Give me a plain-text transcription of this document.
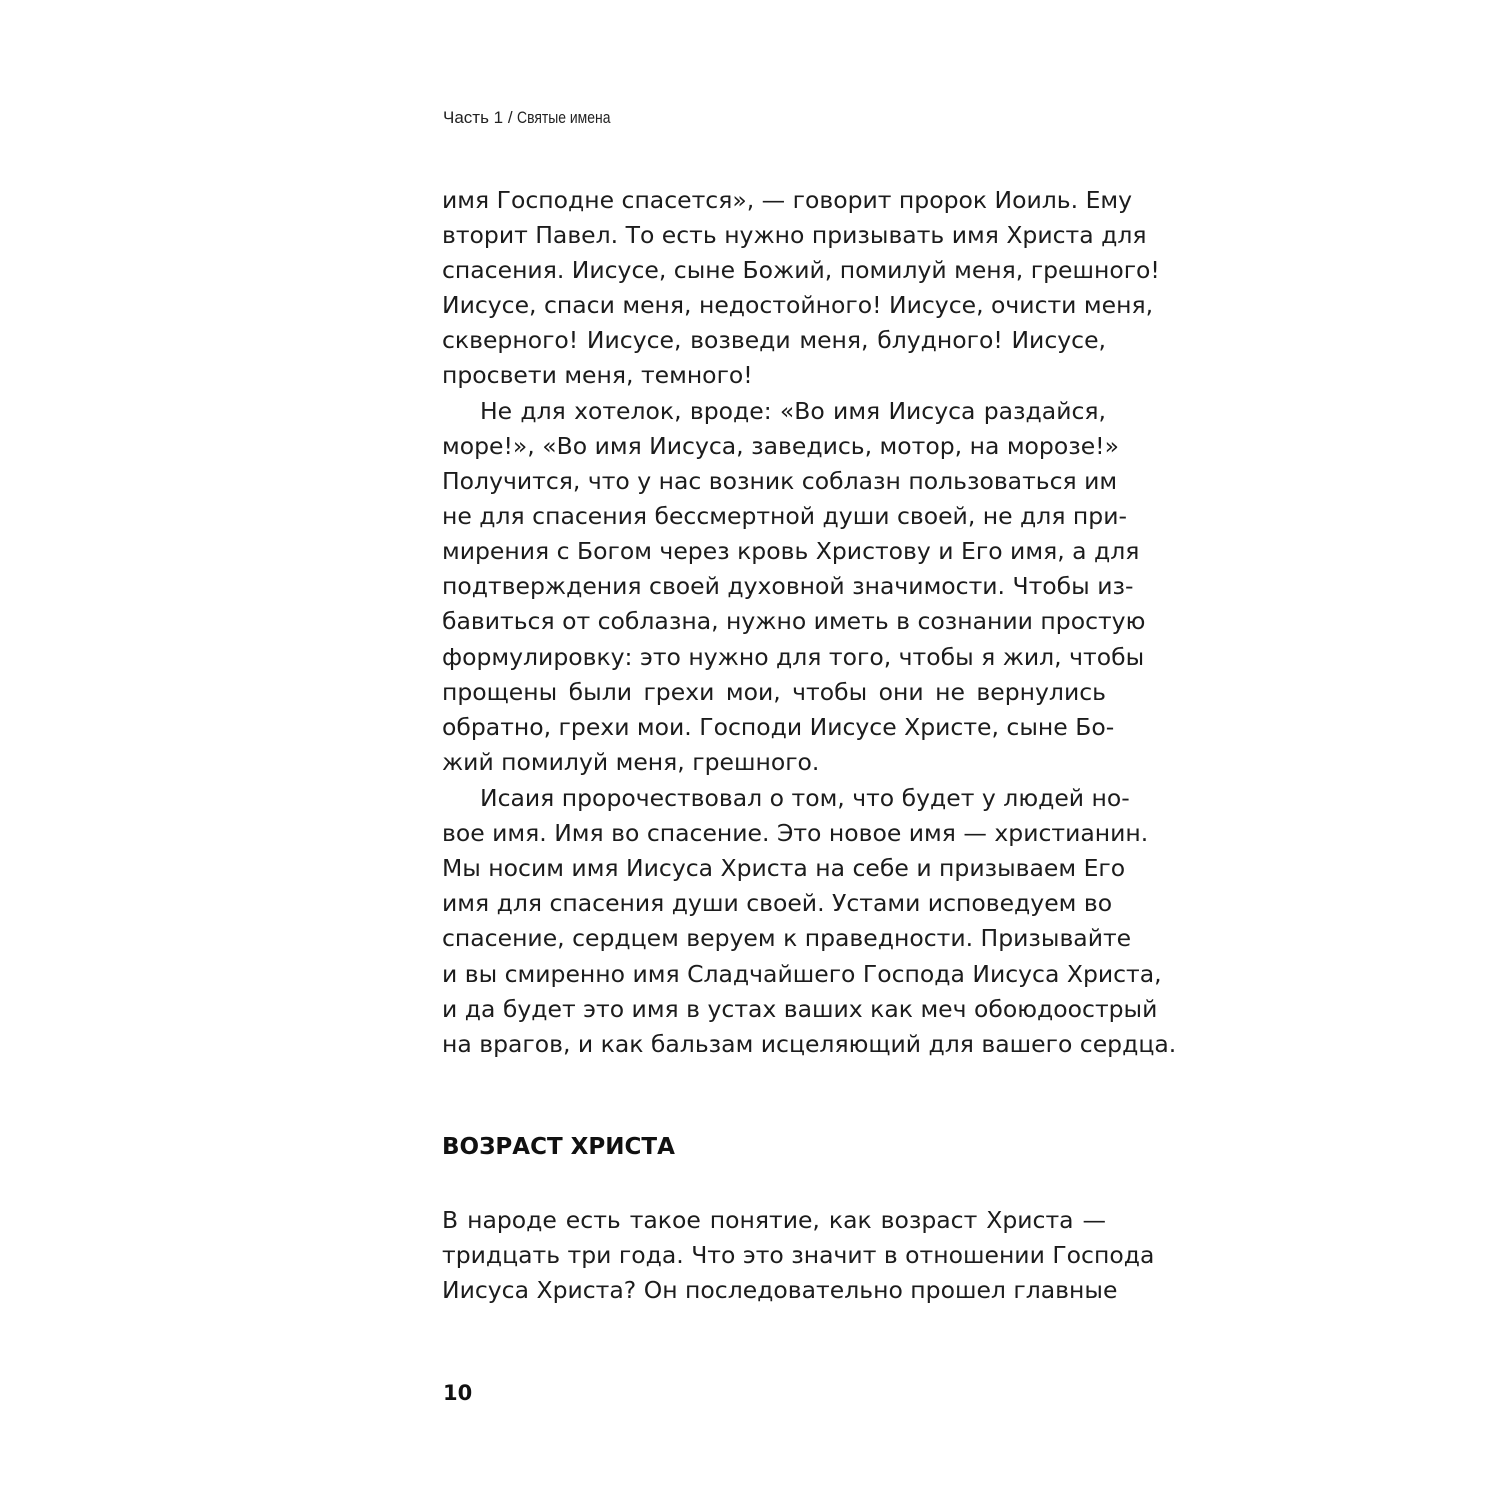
Часть 1 / Святые имена
имя Господне спасется», — говорит пророк Иоиль. Ему
вторит Павел. То есть нужно призывать имя Христа для
спасения. Иисусе, сыне Божий, помилуй меня, грешного!
Иисусе, спаси меня, недостойного! Иисусе, очисти меня,
скверного! Иисусе, возведи меня, блудного! Иисусе,
просвети меня, темного!
Не для хотелок, вроде: «Во имя Иисуса раздайся,
море!», «Во имя Иисуса, заведись, мотор, на морозе!»
Получится, что у нас возник соблазн пользоваться им
не для спасения бессмертной души своей, не для при-
мирения с Богом через кровь Христову и Его имя, а для
подтверждения своей духовной значимости. Чтобы из-
бавиться от соблазна, нужно иметь в сознании простую
формулировку: это нужно для того, чтобы я жил, чтобы
прощены были грехи мои, чтобы они не вернулись
обратно, грехи мои. Господи Иисусе Христе, сыне Бо-
жий помилуй меня, грешного.
Исаия пророчествовал о том, что будет у людей но-
вое имя. Имя во спасение. Это новое имя — христианин.
Мы носим имя Иисуса Христа на себе и призываем Его
имя для спасения души своей. Устами исповедуем во
спасение, сердцем веруем к праведности. Призывайте
и вы смиренно имя Сладчайшего Господа Иисуса Христа,
и да будет это имя в устах ваших как меч обоюдоострый
на врагов, и как бальзам исцеляющий для вашего сердца.
ВОЗРАСТ ХРИСТА
В народе есть такое понятие, как возраст Христа —
тридцать три года. Что это значит в отношении Господа
Иисуса Христа? Он последовательно прошел главные
10
